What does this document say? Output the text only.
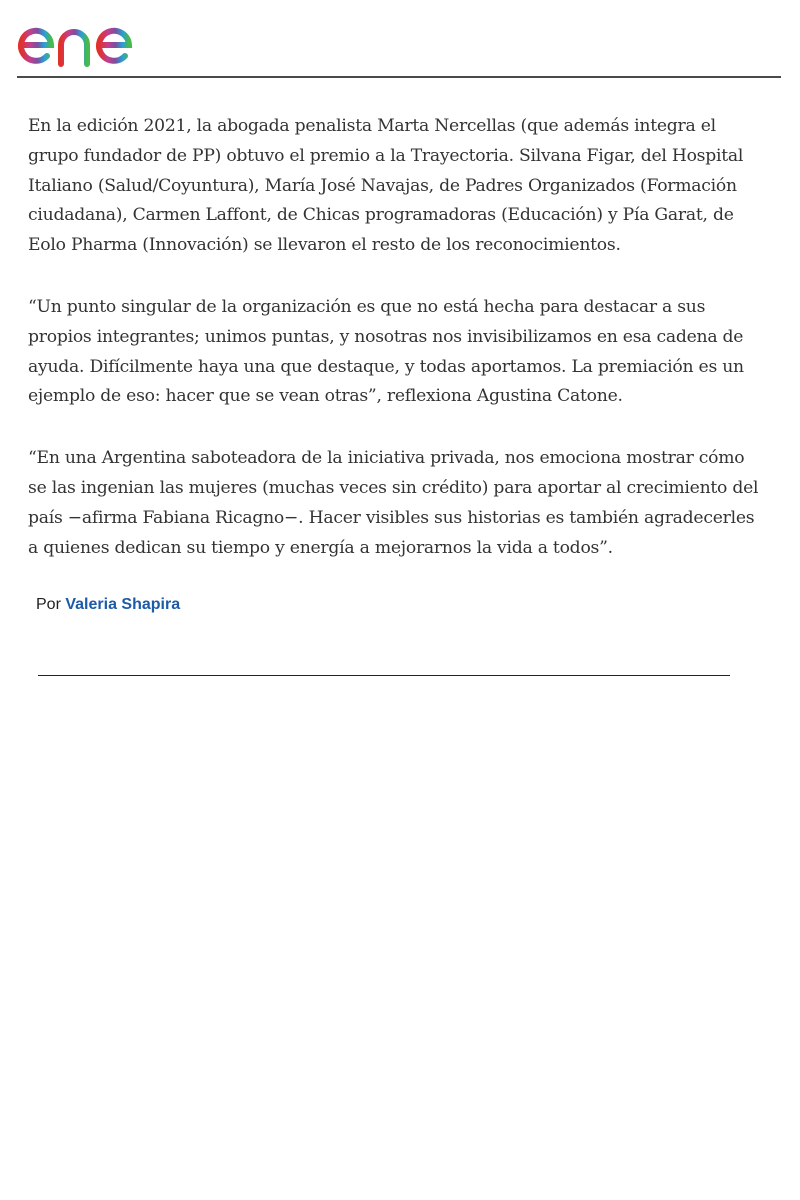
En la edición 2021, la abogada penalista Marta Nercellas (que además integra el grupo fundador de PP) obtuvo el premio a la Trayectoria. Silvana Figar, del Hospital Italiano (Salud/Coyuntura), María José Navajas, de Padres Organizados (Formación ciudadana), Carmen Laffont, de Chicas programadoras (Educación) y Pía Garat, de Eolo Pharma (Innovación) se llevaron el resto de los reconocimientos.

“Un punto singular de la organización es que no está hecha para destacar a sus propios integrantes; unimos puntas, y nosotras nos invisibilizamos en esa cadena de ayuda. Difícilmente haya una que destaque, y todas aportamos. La premiación es un ejemplo de eso: hacer que se vean otras”, reflexiona Agustina Catone.

“En una Argentina saboteadora de la iniciativa privada, nos emociona mostrar cómo se las ingenian las mujeres (muchas veces sin crédito) para aportar al crecimiento del país −afirma Fabiana Ricagno−. Hacer visibles sus historias es también agradecerles a quienes dedican su tiempo y energía a mejorarnos la vida a todos”.

Por Valeria Shapira
